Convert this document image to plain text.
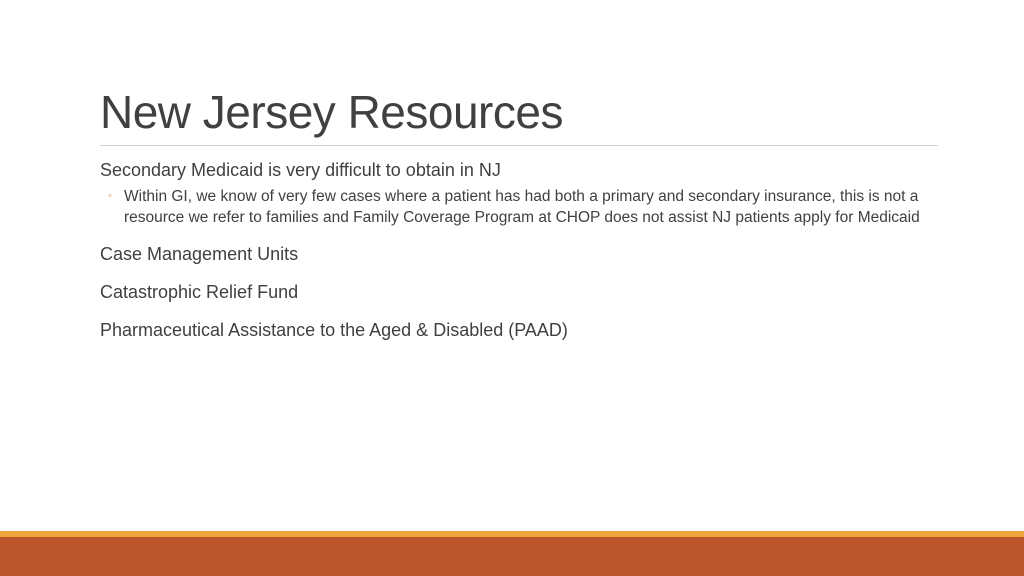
New Jersey Resources

Secondary Medicaid is very difficult to obtain in NJ

◦ Within GI, we know of very few cases where a patient has had both a primary and secondary insurance, this is not a resource we refer to families and Family Coverage Program at CHOP does not assist NJ patients apply for Medicaid

Case Management Units

Catastrophic Relief Fund

Pharmaceutical Assistance to the Aged & Disabled (PAAD)
